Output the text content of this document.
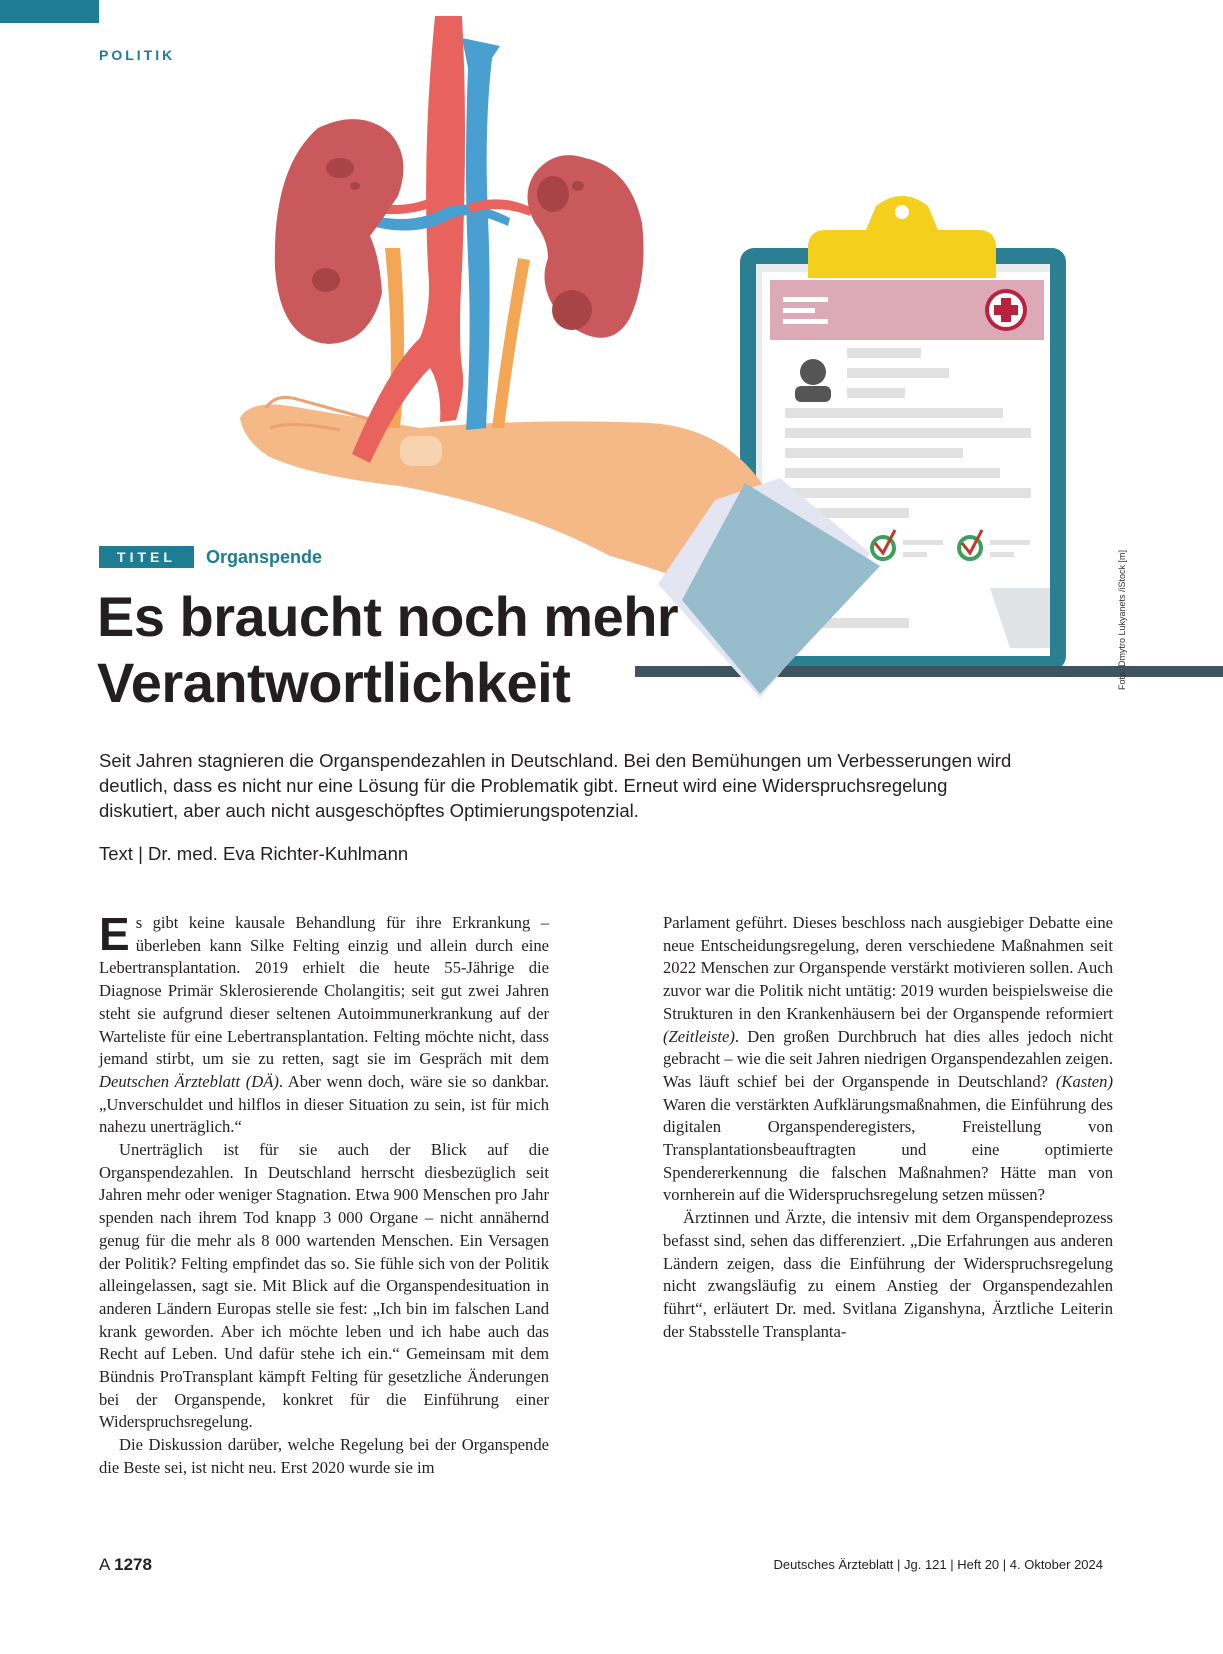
POLITIK
Foto: Dmytro Lukyanets /iStock [m]
TITEL	Organspende
Es braucht noch mehr
Verantwortlichkeit

Seit Jahren stagnieren die Organspendezahlen in Deutschland. Bei den Bemühungen um Verbesserungen wird deutlich, dass es nicht nur eine Lösung für die Problematik gibt. Erneut wird eine Widerspruchsregelung diskutiert, aber auch nicht ausgeschöpftes Optimierungspotenzial.

Text | Dr. med. Eva Richter-Kuhlmann

Es gibt keine kausale Behandlung für ihre Erkrankung – überleben kann Silke Felting einzig und allein durch eine Lebertransplantation. 2019 erhielt die heute 55-Jährige die Diagnose Primär Sklerosierende Cholangitis; seit gut zwei Jahren steht sie aufgrund dieser seltenen Autoimmunerkrankung auf der Warteliste für eine Lebertransplantation. Felting möchte nicht, dass jemand stirbt, um sie zu retten, sagt sie im Gespräch mit dem Deutschen Ärzteblatt (DÄ). Aber wenn doch, wäre sie so dankbar. „Unverschuldet und hilflos in dieser Situation zu sein, ist für mich nahezu unerträglich.“

Unerträglich ist für sie auch der Blick auf die Organspendezahlen. In Deutschland herrscht diesbezüglich seit Jahren mehr oder weniger Stagnation. Etwa 900 Menschen pro Jahr spenden nach ihrem Tod knapp 3 000 Organe – nicht annähernd genug für die mehr als 8 000 wartenden Menschen. Ein Versagen der Politik? Felting empfindet das so. Sie fühle sich von der Politik alleingelassen, sagt sie. Mit Blick auf die Organspendesituation in anderen Ländern Europas stelle sie fest: „Ich bin im falschen Land krank geworden. Aber ich möchte leben und ich habe auch das Recht auf Leben. Und dafür stehe ich ein.“ Gemeinsam mit dem Bündnis ProTransplant kämpft Felting für gesetzliche Änderungen bei der Organspende, konkret für die Einführung einer Widerspruchsregelung.

Die Diskussion darüber, welche Regelung bei der Organspende die Beste sei, ist nicht neu. Erst 2020 wurde sie im

Parlament geführt. Dieses beschloss nach ausgiebiger Debatte eine neue Entscheidungsregelung, deren verschiedene Maßnahmen seit 2022 Menschen zur Organspende verstärkt motivieren sollen. Auch zuvor war die Politik nicht untätig: 2019 wurden beispielsweise die Strukturen in den Krankenhäusern bei der Organspende reformiert (Zeitleiste). Den großen Durchbruch hat dies alles jedoch nicht gebracht – wie die seit Jahren niedrigen Organspendezahlen zeigen. Was läuft schief bei der Organspende in Deutschland? (Kasten) Waren die verstärkten Aufklärungsmaßnahmen, die Einführung des digitalen Organspenderegisters, Freistellung von Transplantationsbeauftragten und eine optimierte Spendererkennung die falschen Maßnahmen? Hätte man von vornherein auf die Widerspruchsregelung setzen müssen?

Ärztinnen und Ärzte, die intensiv mit dem Organspendeprozess befasst sind, sehen das differenziert. „Die Erfahrungen aus anderen Ländern zeigen, dass die Einführung der Widerspruchsregelung nicht zwangsläufig zu einem Anstieg der Organspendezahlen führt“, erläutert Dr. med. Svitlana Ziganshyna, Ärztliche Leiterin der Stabsstelle Transplanta-

A 1278	Deutsches Ärzteblatt | Jg. 121 | Heft 20 | 4. Oktober 2024
